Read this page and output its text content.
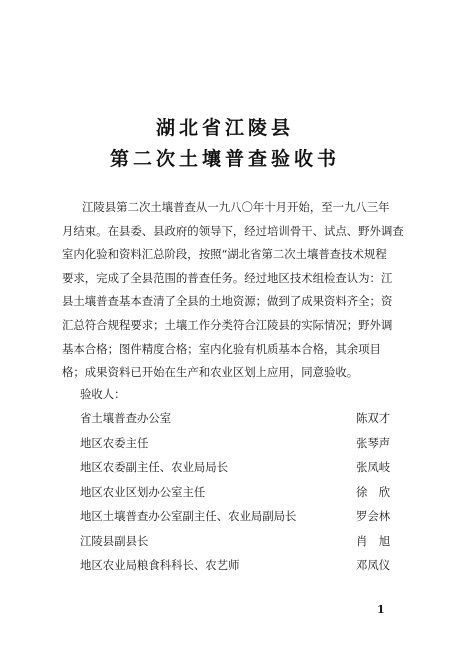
湖北省江陵县
第二次土壤普查验收书
江陵县第二次土壤普查从一九八〇年十月开始，至一九八三年
月结束。在县委、县政府的领导下，经过培训骨干、试点、野外调查
室内化验和资料汇总阶段，按照“湖北省第二次土壤普查技术规程
要求，完成了全县范围的普查任务。经过地区技术组检查认为：江
县土壤普查基本查清了全县的土地资源；做到了成果资料齐全；资
汇总符合规程要求；土壤工作分类符合江陵县的实际情况；野外调
基本合格；图件精度合格；室内化验有机质基本合格，其余项目
格；成果资料已开始在生产和农业区划上应用，同意验收。
验收人：
省土壤普查办公室	陈双才
地区农委主任	张琴声
地区农委副主任、农业局局长	张凤岐
地区农业区划办公室主任	徐　欣
地区土壤普查办公室副主任、农业局副局长	罗会林
江陵县副县长	肖　旭
地区农业局粮食科科长、农艺师	邓凤仪
1
